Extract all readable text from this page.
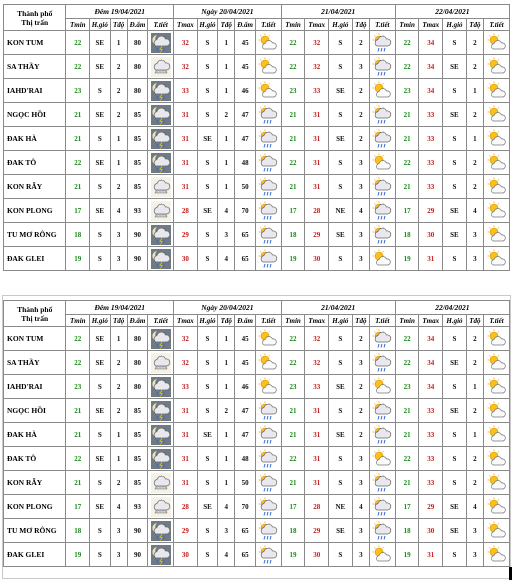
Thành phố
Thị trấn	Đêm 19/04/2021					Ngày 20/04/2021					21/04/2021					22/04/2021				
	Tmin	H.gió	Tđộ	Đ.ẩm	T.tiết	Tmax	H.gió	Tđộ	Đ.ẩm	T.tiết	Tmin	Tmax	H.gió	Tđộ	T.tiết	Tmin	Tmax	H.gió	Tđộ	T.tiết
KON TUM	22	SE	1	80		32	S	1	45		22	32	S	2		22	34	S	2	
SA THẦY	22	SE	2	80		32	S	1	45		22	32	S	3		22	34	SE	2	
IAHD'RAI	23	S	2	80		33	S	1	46		23	33	SE	2		23	34	S	1	
NGỌC HỒI	21	SE	2	85		31	S	2	47		21	31	S	2		21	33	SE	2	
ĐAK HÀ	21	S	1	85		31	SE	1	47		21	31	SE	2		21	33	S	1	
ĐAK TÔ	22	SE	1	85		31	S	1	48		22	31	S	3		22	33	S	2	
KON RẪY	21	S	2	85		31	S	1	50		21	31	S	3		21	33	S	2	
KON PLONG	17	SE	4	93		28	SE	4	70		17	28	NE	4		17	29	SE	4	
TU MƠ RÔNG	18	S	3	90		29	S	3	65		18	29	SE	3		18	30	SE	3	
ĐAK GLEI	19	S	3	90		30	S	4	65		19	30	S	3		19	31	S	3	
Thành phố
Thị trấn	Đêm 19/04/2021					Ngày 20/04/2021					21/04/2021					22/04/2021				
	Tmin	H.gió	Tđộ	Đ.ẩm	T.tiết	Tmax	H.gió	Tđộ	Đ.ẩm	T.tiết	Tmin	Tmax	H.gió	Tđộ	T.tiết	Tmin	Tmax	H.gió	Tđộ	T.tiết
KON TUM	22	SE	1	80		32	S	1	45		22	32	S	2		22	34	S	2	
SA THẦY	22	SE	2	80		32	S	1	45		22	32	S	3		22	34	SE	2	
IAHD'RAI	23	S	2	80		33	S	1	46		23	33	SE	2		23	34	S	1	
NGỌC HỒI	21	SE	2	85		31	S	2	47		21	31	S	2		21	33	SE	2	
ĐAK HÀ	21	S	1	85		31	SE	1	47		21	31	SE	2		21	33	S	1	
ĐAK TÔ	22	SE	1	85		31	S	1	48		22	31	S	3		22	33	S	2	
KON RẪY	21	S	2	85		31	S	1	50		21	31	S	3		21	33	S	2	
KON PLONG	17	SE	4	93		28	SE	4	70		17	28	NE	4		17	29	SE	4	
TU MƠ RÔNG	18	S	3	90		29	S	3	65		18	29	SE	3		18	30	SE	3	
ĐAK GLEI	19	S	3	90		30	S	4	65		19	30	S	3		19	31	S	3	
